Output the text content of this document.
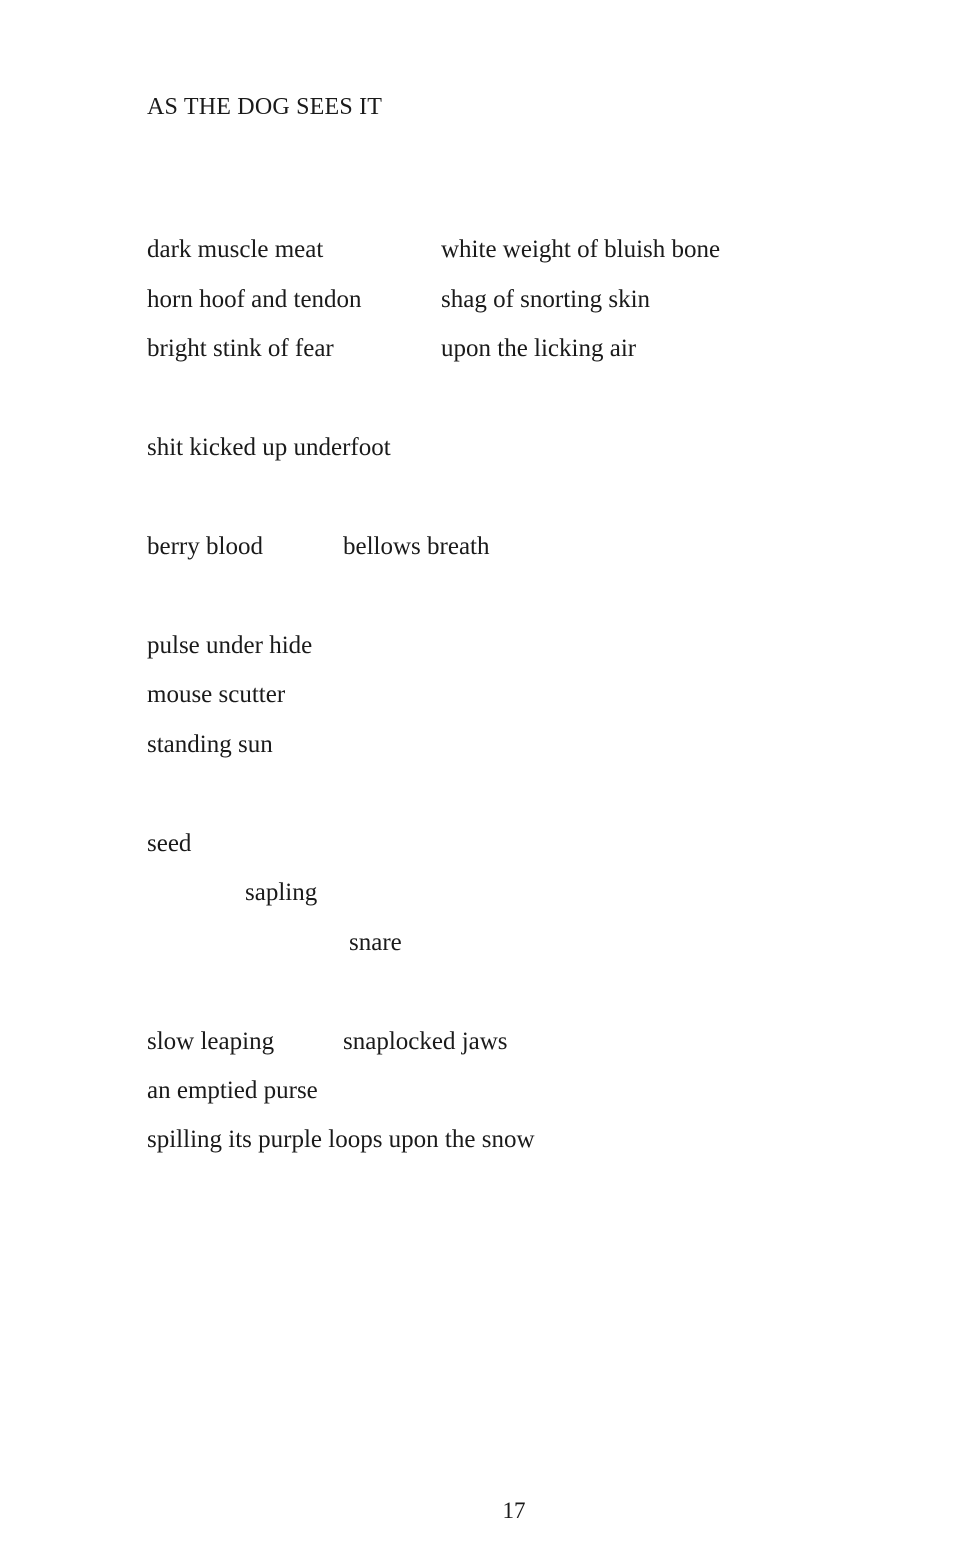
AS THE DOG SEES IT
dark muscle meat	white weight of bluish bone
horn hoof and tendon	shag of snorting skin
bright stink of fear	upon the licking air
shit kicked up underfoot
berry blood	bellows breath
pulse under hide
mouse scutter
standing sun
seed
sapling
snare
slow leaping	snaplocked jaws
an emptied purse
spilling its purple loops upon the snow
17
